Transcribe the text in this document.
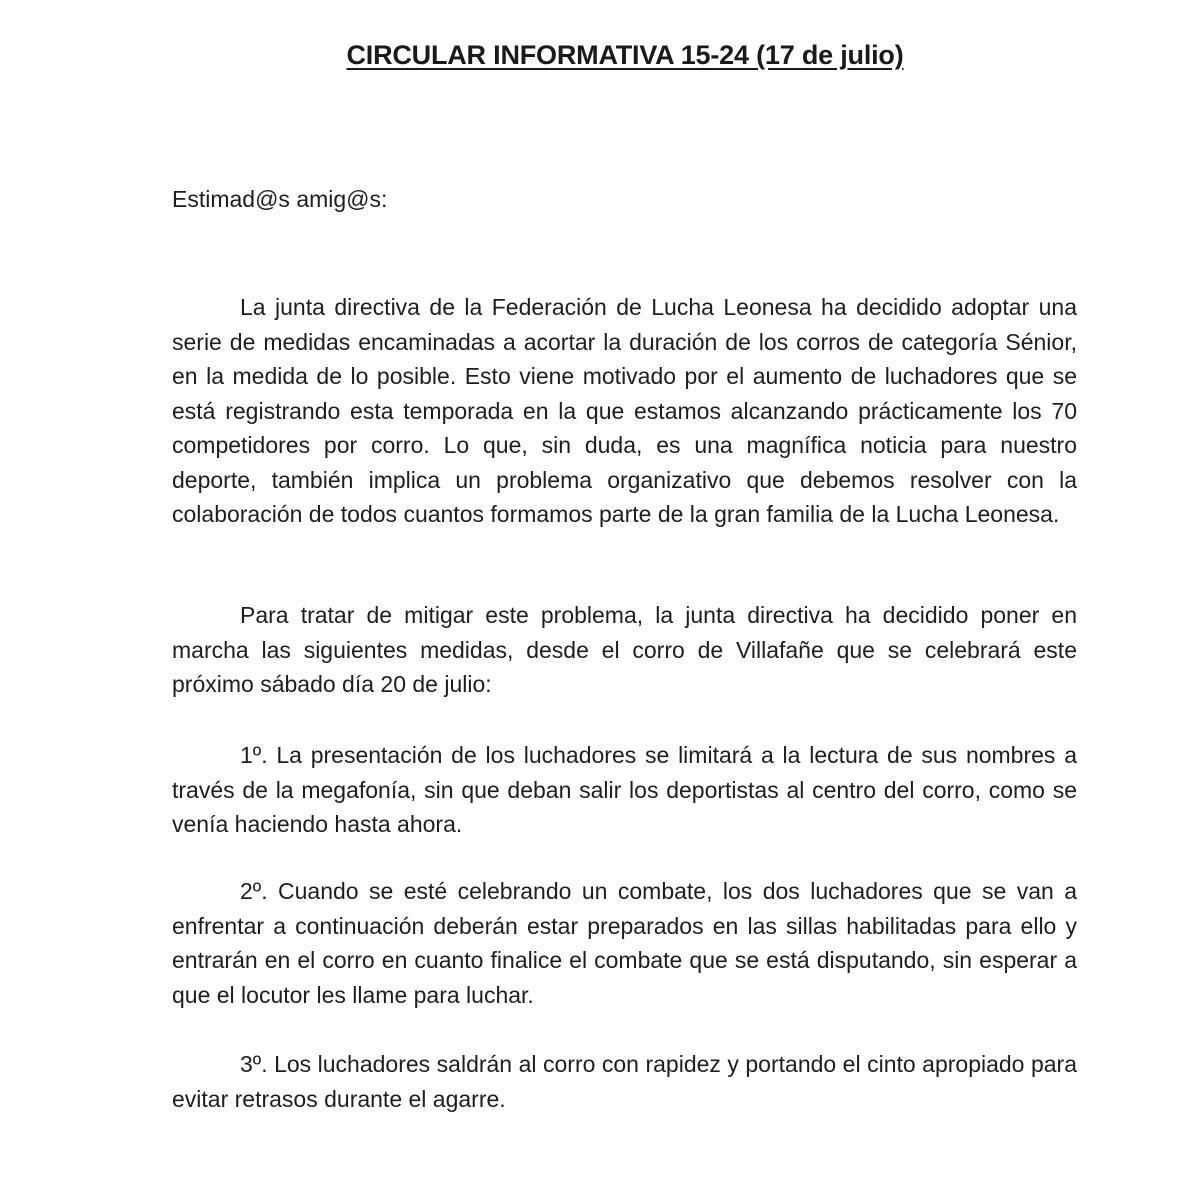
CIRCULAR INFORMATIVA 15-24 (17 de julio)
Estimad@s amig@s:

La junta directiva de la Federación de Lucha Leonesa ha decidido adoptar una serie de medidas encaminadas a acortar la duración de los corros de categoría Sénior, en la medida de lo posible. Esto viene motivado por el aumento de luchadores que se está registrando esta temporada en la que estamos alcanzando prácticamente los 70 competidores por corro. Lo que, sin duda, es una magnífica noticia para nuestro deporte, también implica un problema organizativo que debemos resolver con la colaboración de todos cuantos formamos parte de la gran familia de la Lucha Leonesa.

Para tratar de mitigar este problema, la junta directiva ha decidido poner en marcha las siguientes medidas, desde el corro de Villafañe que se celebrará este próximo sábado día 20 de julio:

1º. La presentación de los luchadores se limitará a la lectura de sus nombres a través de la megafonía, sin que deban salir los deportistas al centro del corro, como se venía haciendo hasta ahora.

2º. Cuando se esté celebrando un combate, los dos luchadores que se van a enfrentar a continuación deberán estar preparados en las sillas habilitadas para ello y entrarán en el corro en cuanto finalice el combate que se está disputando, sin esperar a que el locutor les llame para luchar.

3º. Los luchadores saldrán al corro con rapidez y portando el cinto apropiado para evitar retrasos durante el agarre.
